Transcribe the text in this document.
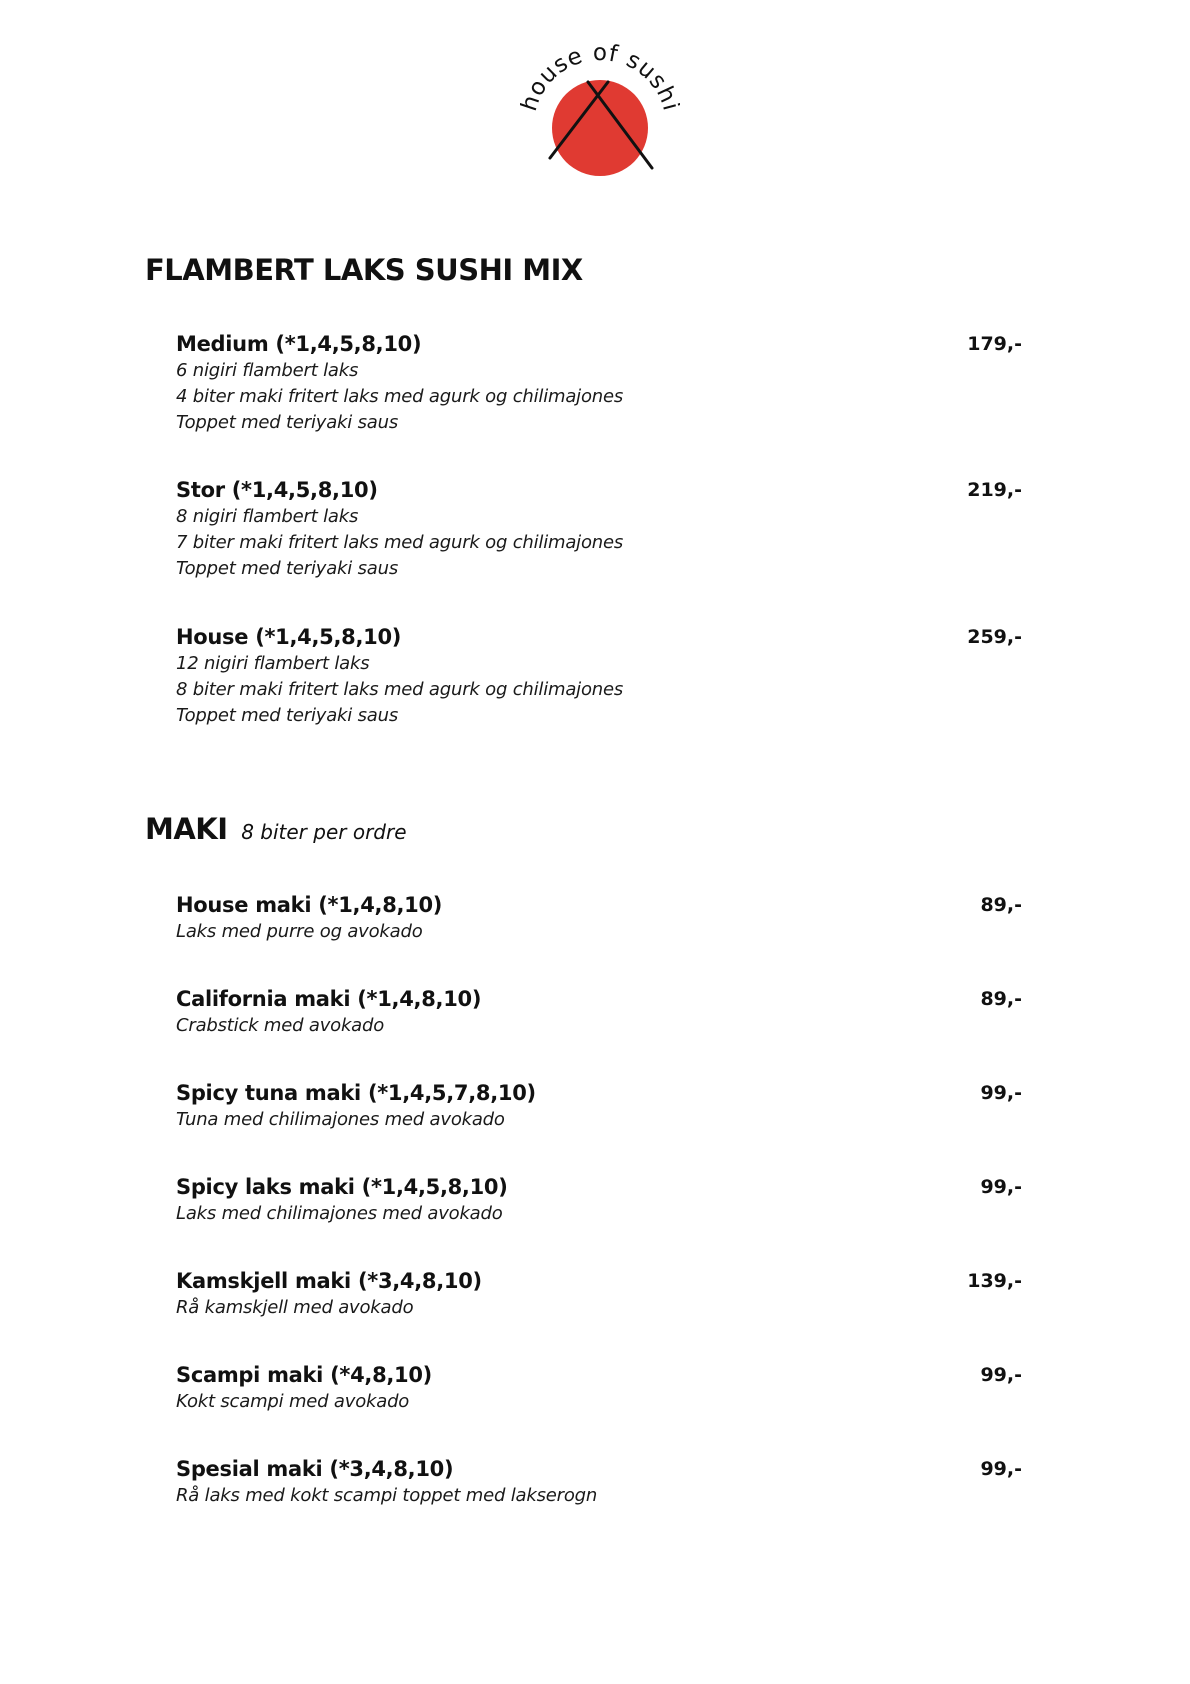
ouse of sush
FLAMBERT LAKS SUSHI MIX
Medium (*1,4,5,8,10)	179,-
6 nigiri flambert laks
4 biter maki fritert laks med agurk og chilimajones
Toppet med teriyaki saus
Stor (*1,4,5,8,10)	219,-
8 nigiri flambert laks
7 biter maki fritert laks med agurk og chilimajones
Toppet med teriyaki saus
House (*1,4,5,8,10)	259,-
12 nigiri flambert laks
8 biter maki fritert laks med agurk og chilimajones
Toppet med teriyaki saus
MAKI 8 biter per ordre
House maki (*1,4,8,10)	89,-
Laks med purre og avokado
California maki (*1,4,8,10)	89,-
Crabstick med avokado
Spicy tuna maki (*1,4,5,7,8,10)	99,-
Tuna med chilimajones med avokado
Spicy laks maki (*1,4,5,8,10)	99,-
Laks med chilimajones med avokado
Kamskjell maki (*3,4,8,10)	139,-
Rå kamskjell med avokado
Scampi maki (*4,8,10)	99,-
Kokt scampi med avokado
Spesial maki (*3,4,8,10)	99,-
Rå laks med kokt scampi toppet med lakserogn
